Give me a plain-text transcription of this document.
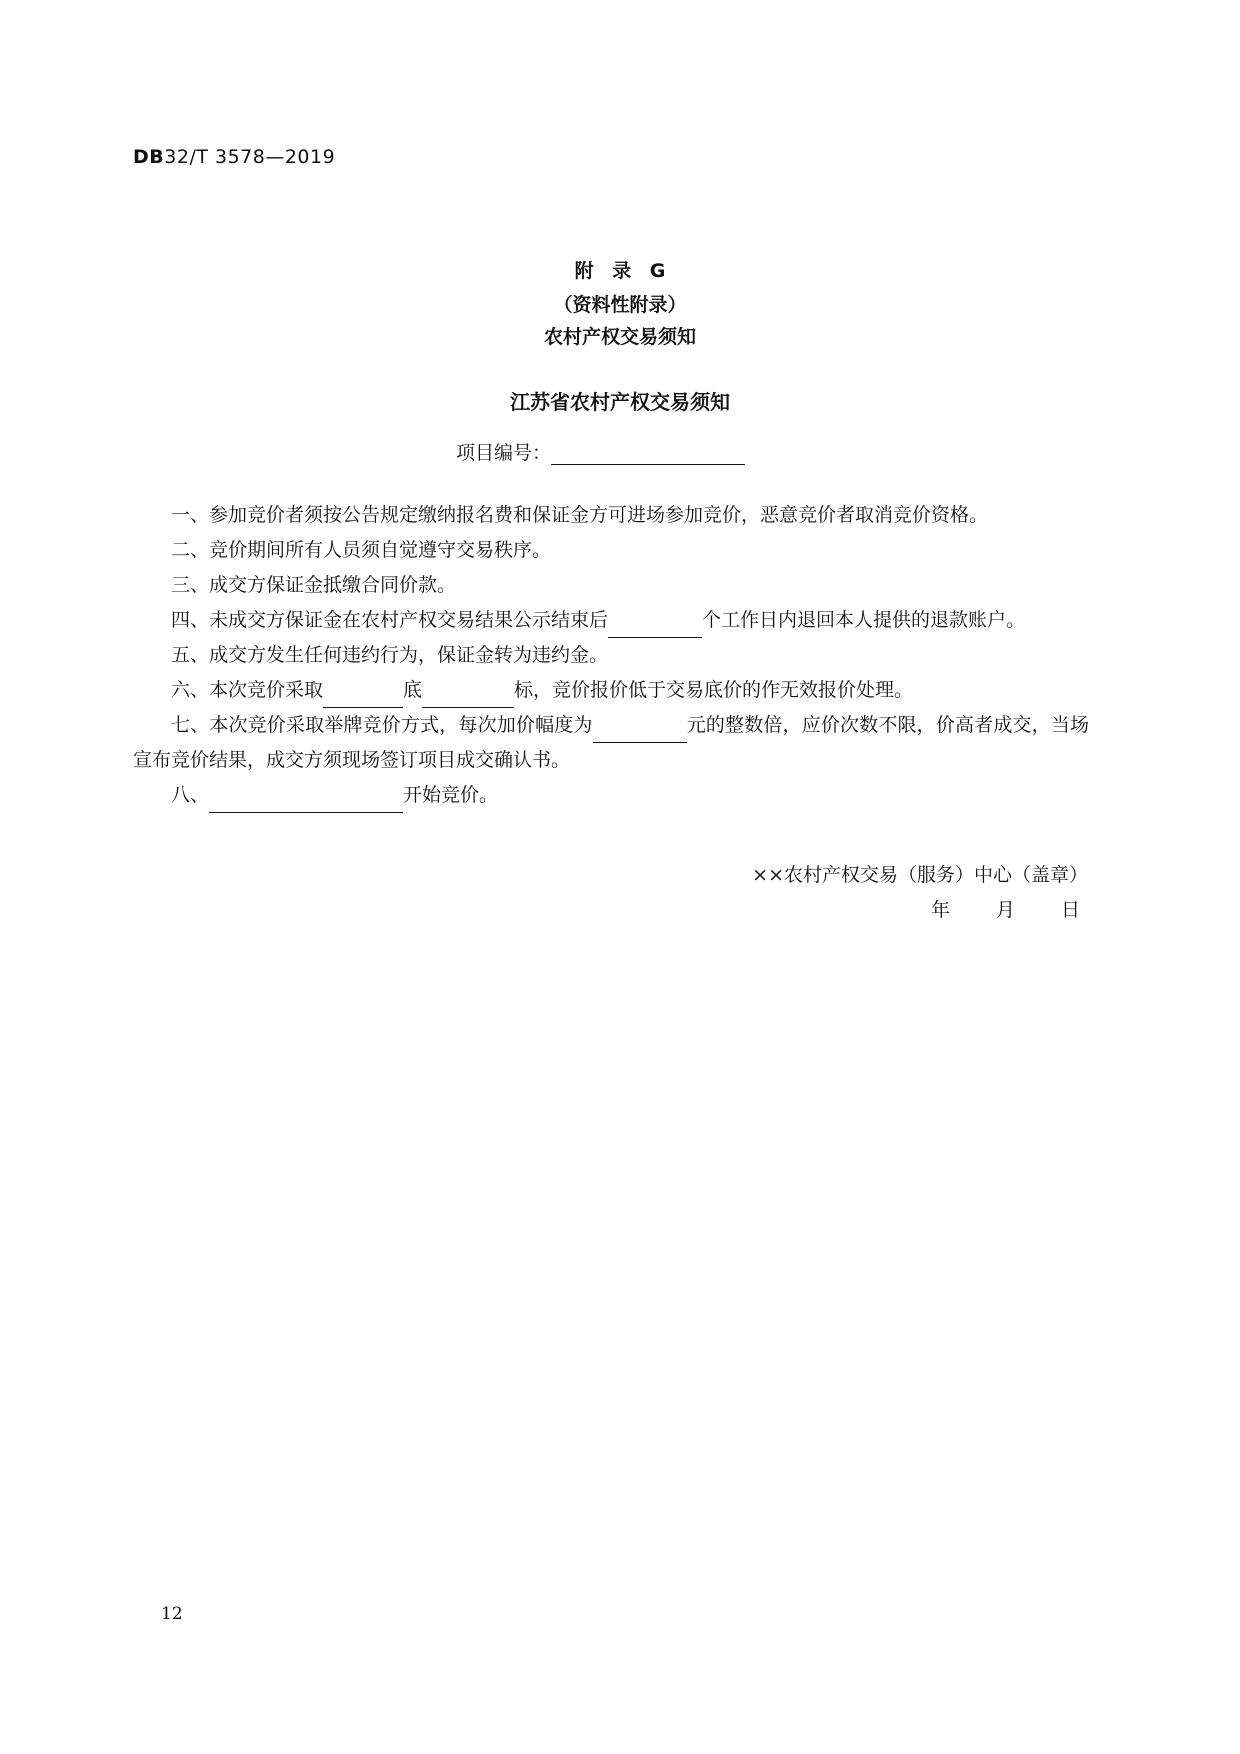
DB32/T 3578—2019
附 录 G
（资料性附录）
农村产权交易须知
江苏省农村产权交易须知
项目编号：

一、参加竞价者须按公告规定缴纳报名费和保证金方可进场参加竞价，恶意竞价者取消竞价资格。

二、竞价期间所有人员须自觉遵守交易秩序。

三、成交方保证金抵缴合同价款。

四、未成交方保证金在农村产权交易结果公示结束后	个工作日内退回本人提供的退款账户。

五、成交方发生任何违约行为，保证金转为违约金。

六、本次竞价采取	底	标，竞价报价低于交易底价的作无效报价处理。

七、本次竞价采取举牌竞价方式，每次加价幅度为	元的整数倍，应价次数不限，价高者成交，当场宣布竞价结果，成交方须现场签订项目成交确认书。

八、	开始竞价。

××农村产权交易（服务）中心（盖章）
年 月 日
12
